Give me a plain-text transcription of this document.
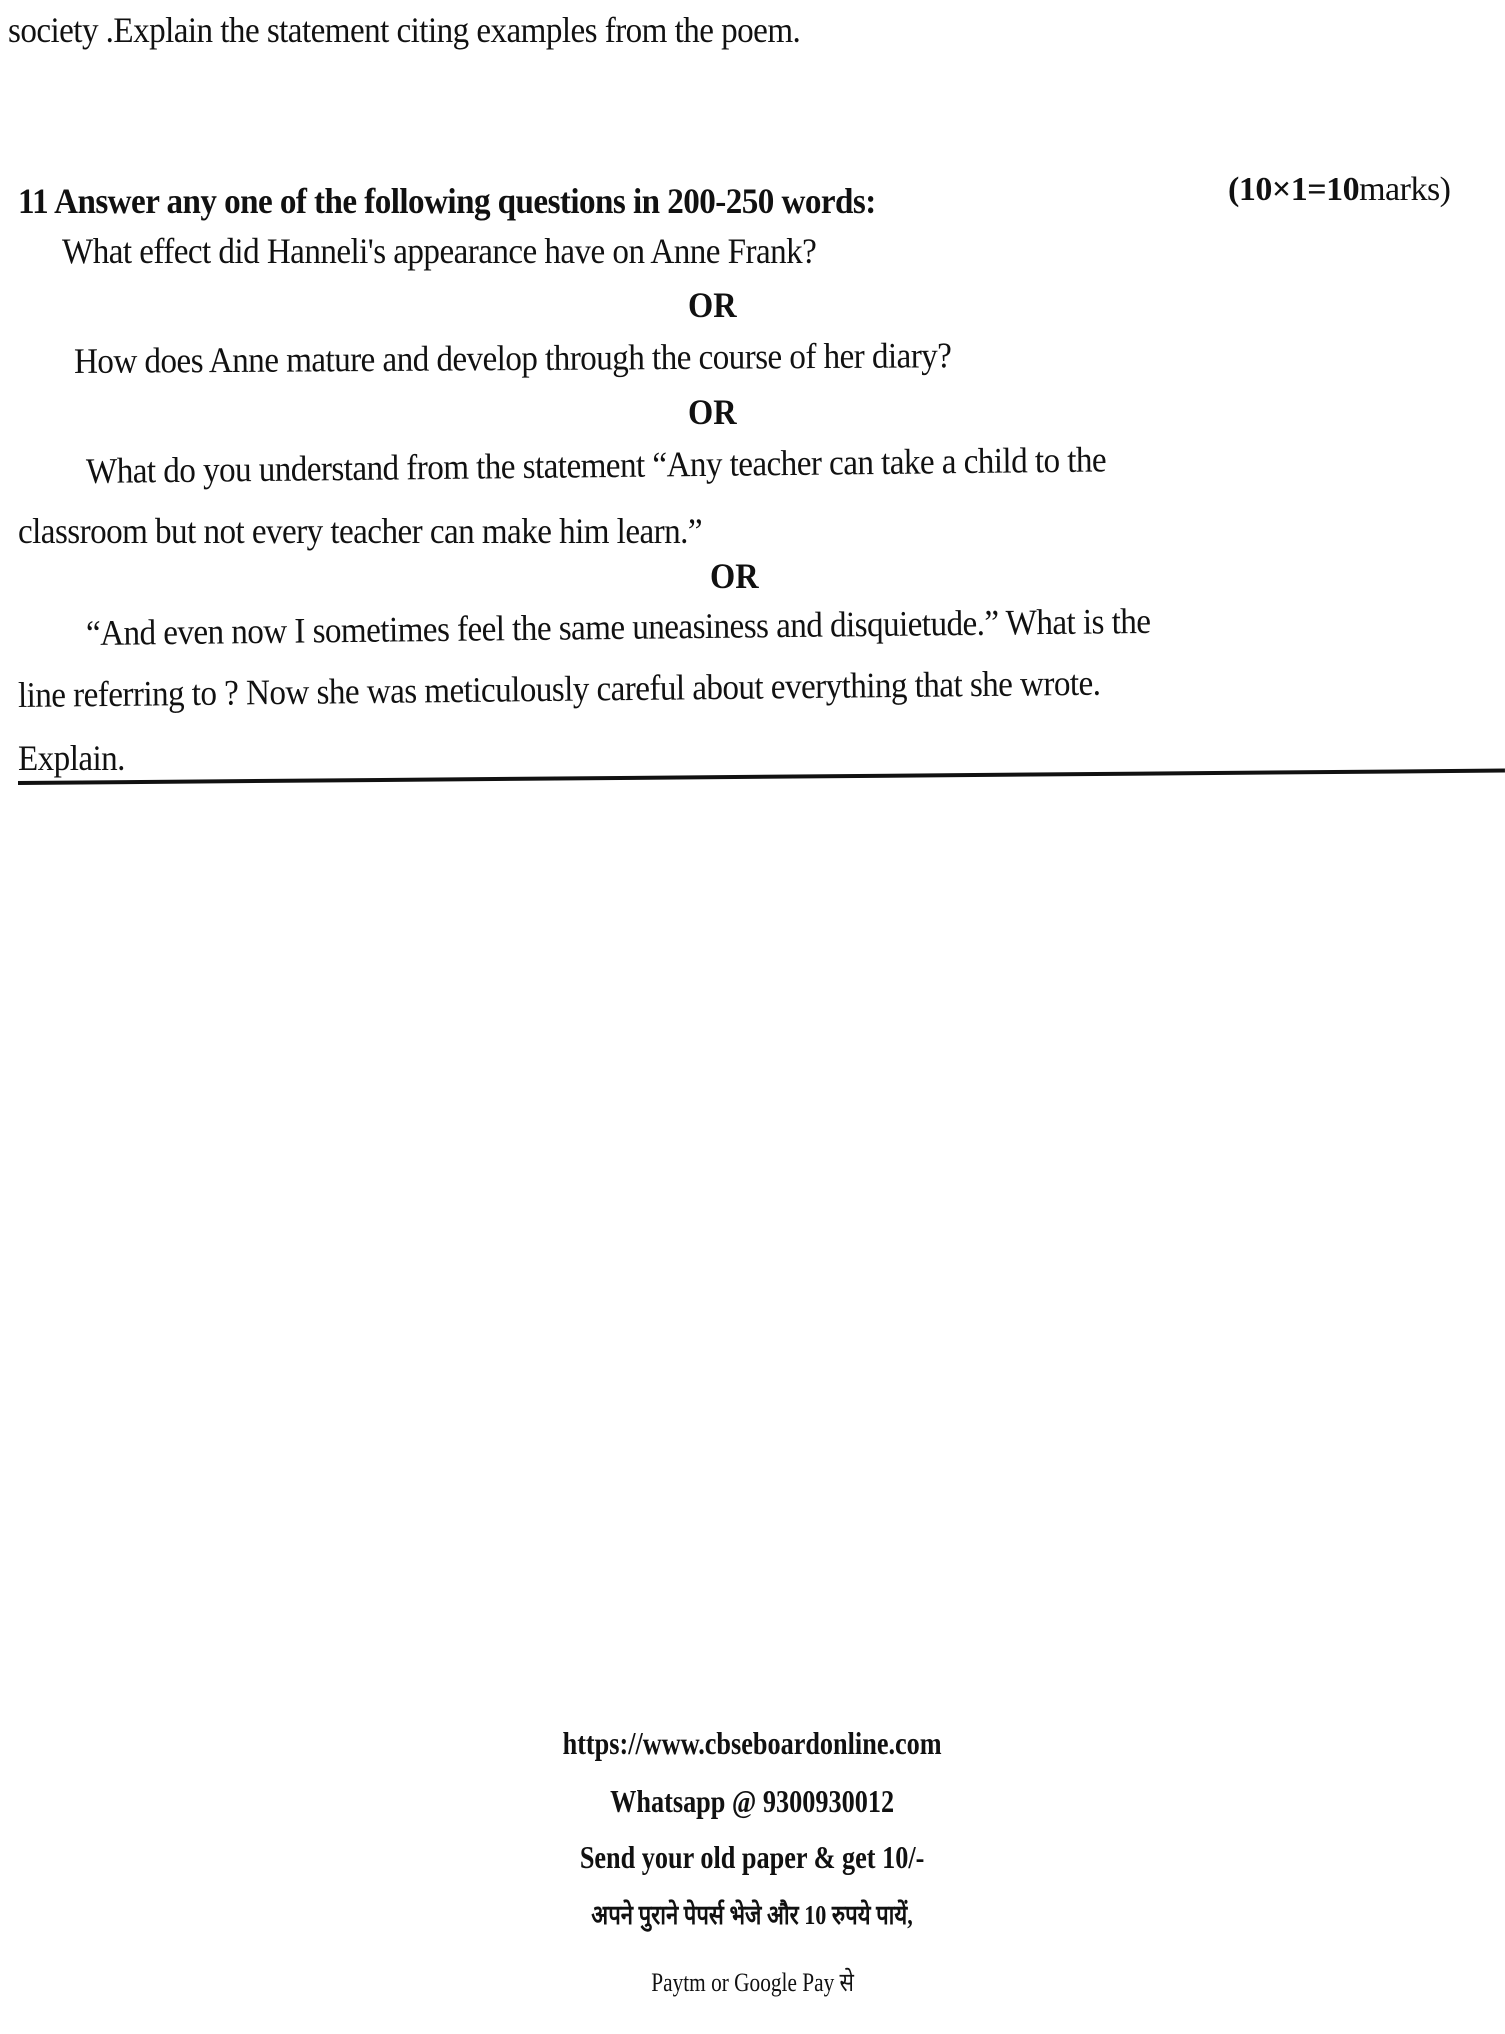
society .Explain the statement citing examples from the poem.
11 Answer any one of the following questions in 200-250 words:	(10×1=10marks)
What effect did Hanneli's appearance have on Anne Frank?
OR
How does Anne mature and develop through the course of her diary?
OR
What do you understand from the statement “Any teacher can take a child to the
classroom but not every teacher can make him learn.”
OR
“And even now I sometimes feel the same uneasiness and disquietude.” What is the
line referring to ? Now she was meticulously careful about everything that she wrote.
Explain.
https://www.cbseboardonline.com
Whatsapp @ 9300930012
Send your old paper & get 10/-
अपने पुराने पेपर्स भेजे और 10 रुपये पायें,
Paytm or Google Pay से
